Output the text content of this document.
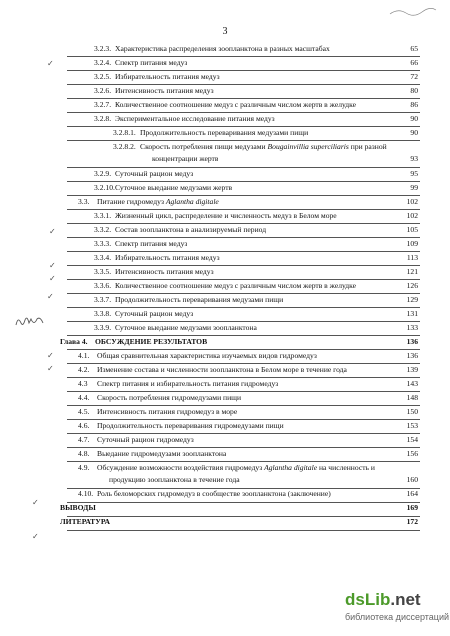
3
3.2.3. Характеристика распределения зоопланктона в разных масштабах	65
3.2.4. Спектр питания медуз	66
3.2.5. Избирательность питания медуз	72
3.2.6. Интенсивность питания медуз	80
3.2.7. Количественное соотношение медуз с различным числом жертв в желудке	86
3.2.8. Экспериментальное исследование питания медуз	90
3.2.8.1. Продолжительность переваривания медузами пищи	90
3.2.8.2. Скорость потребления пищи медузами Bougainvillia superciliaris при разной
концентрации жертв	93
3.2.9. Суточный рацион медуз	95
3.2.10. Суточное выедание медузами жертв	99
3.3. Питание гидромедуз Aglantha digitale	102
3.3.1. Жизненный цикл, распределение и численность медуз в Белом море	102
3.3.2. Состав зоопланктона в анализируемый период	105
3.3.3. Спектр питания медуз	109
3.3.4. Избирательность питания медуз	113
3.3.5. Интенсивность питания медуз	121
3.3.6. Количественное соотношение медуз с различным числом жертв в желудке	126
3.3.7. Продолжительность переваривания медузами пищи	129
3.3.8. Суточный рацион медуз	131
3.3.9. Суточное выедание медузами зоопланктона	133
Глава 4. ОБСУЖДЕНИЕ РЕЗУЛЬТАТОВ	136
4.1. Общая сравнительная характеристика изучаемых видов гидромедуз	136
4.2. Изменение состава и численности зоопланктона в Белом море в течение года	139
4.3 Спектр питания и избирательность питания гидромедуз	143
4.4. Скорость потребления гидромедузами пищи	148
4.5. Интенсивность питания гидромедуз в море	150
4.6. Продолжительность переваривания гидромедузами пищи	153
4.7. Суточный рацион гидромедуз	154
4.8. Выедание гидромедузами зоопланктона	156
4.9. Обсуждение возможности воздействия гидромедуз Aglantha digitale на численность и
продукцию зоопланктона в течение года	160
4.10. Роль беломорских гидромедуз в сообществе зоопланктона (заключение)	164
ВЫВОДЫ	169
ЛИТЕРАТУРА	172
✓
✓
✓
✓
✓
✓
✓
✓
✓
dsLib.net
библиотека диссертаций
